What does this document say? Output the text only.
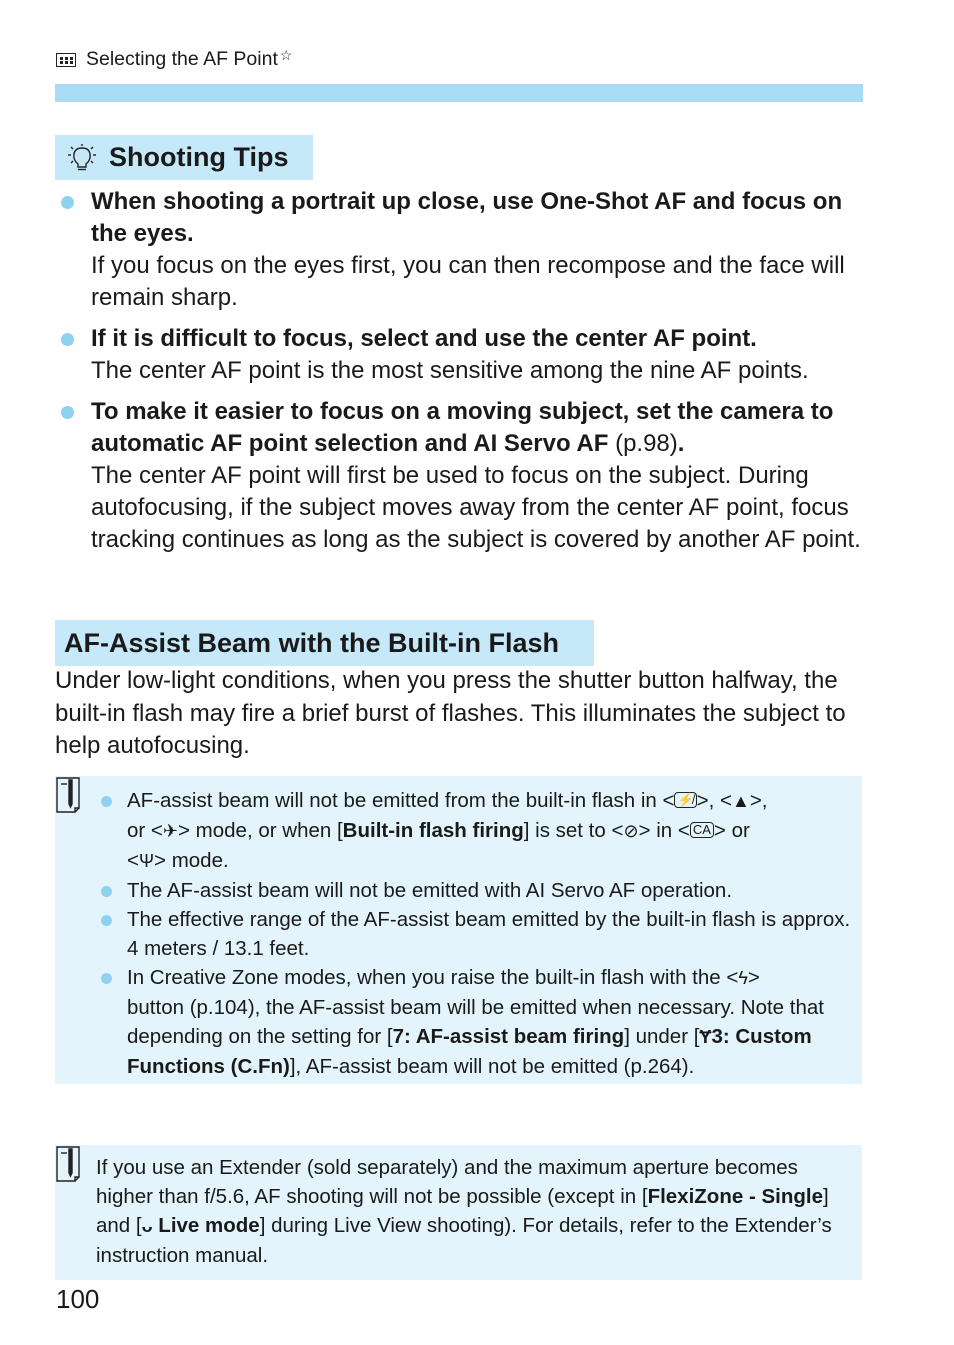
Selecting the AF Point☆
Shooting Tips
When shooting a portrait up close, use One-Shot AF and focus on the eyes.
If you focus on the eyes first, you can then recompose and the face will remain sharp.
If it is difficult to focus, select and use the center AF point.
The center AF point is the most sensitive among the nine AF points.
To make it easier to focus on a moving subject, set the camera to automatic AF point selection and AI Servo AF (p.98).
The center AF point will first be used to focus on the subject. During autofocusing, if the subject moves away from the center AF point, focus tracking continues as long as the subject is covered by another AF point.
AF-Assist Beam with the Built-in Flash
Under low-light conditions, when you press the shutter button halfway, the built-in flash may fire a brief burst of flashes. This illuminates the subject to help autofocusing.
AF-assist beam will not be emitted from the built-in flash in < ⚡̸ >, <▲>,
or <✈> mode, or when [Built-in flash firing] is set to <⊘> in < CA > or
<Ψ> mode.
The AF-assist beam will not be emitted with AI Servo AF operation.
The effective range of the AF-assist beam emitted by the built-in flash is approx. 4 meters / 13.1 feet.
In Creative Zone modes, when you raise the built-in flash with the <ϟ>
button (p.104), the AF-assist beam will be emitted when necessary. Note that depending on the setting for [7: AF-assist beam firing] under [Ɏ3: Custom Functions (C.Fn)], AF-assist beam will not be emitted (p.264).
If you use an Extender (sold separately) and the maximum aperture becomes higher than f/5.6, AF shooting will not be possible (except in [FlexiZone - Single] and [ᴗ Live mode] during Live View shooting). For details, refer to the Extender’s instruction manual.
100
